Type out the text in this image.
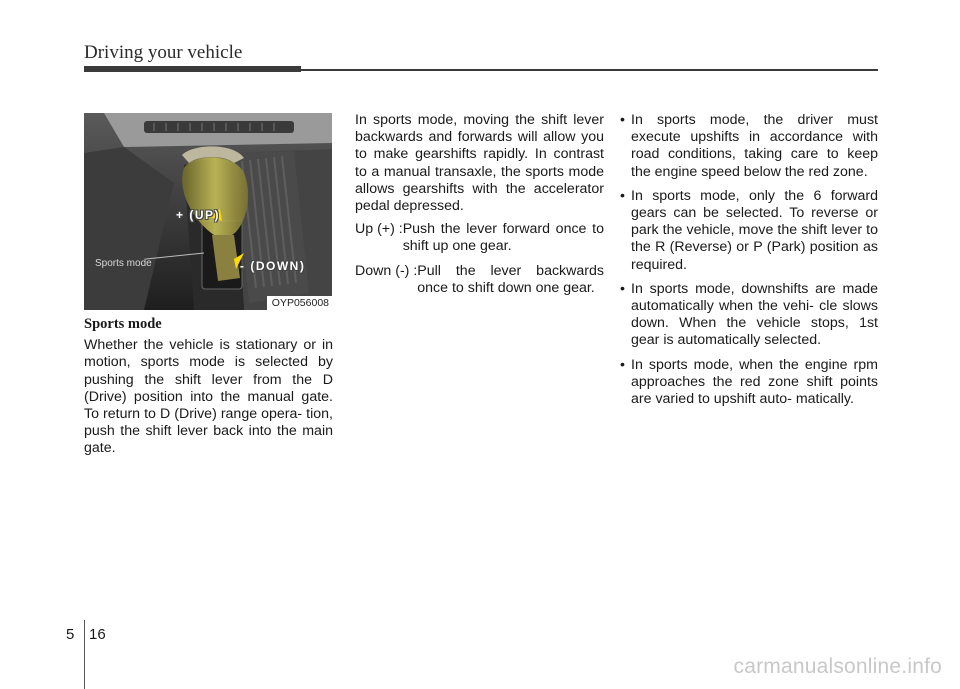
Driving your vehicle
+ (UP)
- (DOWN)
Sports mode
OYP056008

Sports mode

Whether the vehicle is stationary or in motion, sports mode is selected by pushing the shift lever from the D (Drive) position into the manual gate. To return to D (Drive) range opera- tion, push the shift lever back into the main gate.

In sports mode, moving the shift lever backwards and forwards will allow you to make gearshifts rapidly. In contrast to a manual transaxle, the sports mode allows gearshifts with the accelerator pedal depressed.

Up (+) : Push the lever forward once to shift up one gear.
Down (-) : Pull the lever backwards once to shift down one gear.
• In sports mode, the driver must execute upshifts in accordance with road conditions, taking care to keep the engine speed below the red zone.
• In sports mode, only the 6 forward gears can be selected. To reverse or park the vehicle, move the shift lever to the R (Reverse) or P (Park) position as required.
• In sports mode, downshifts are made automatically when the vehi- cle slows down. When the vehicle stops, 1st gear is automatically selected.
• In sports mode, when the engine rpm approaches the red zone shift points are varied to upshift auto- matically.
5 16
carmanualsonline.info
